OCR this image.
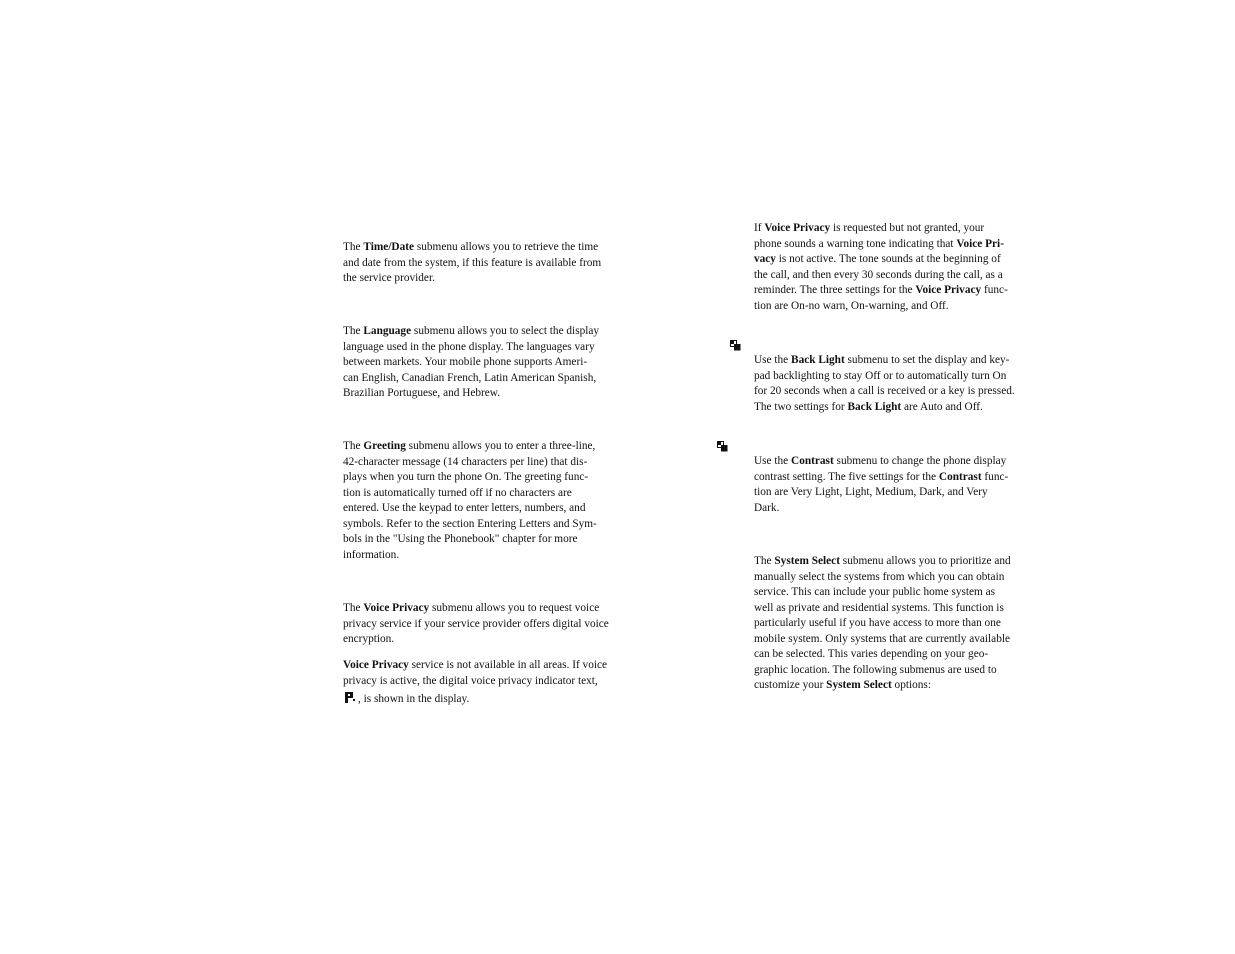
The Time/Date submenu allows you to retrieve the time
and date from the system, if this feature is available from
the service provider.
The Language submenu allows you to select the display
language used in the phone display. The languages vary
between markets. Your mobile phone supports Ameri-
can English, Canadian French, Latin American Spanish,
Brazilian Portuguese, and Hebrew.
The Greeting submenu allows you to enter a three-line,
42-character message (14 characters per line) that dis-
plays when you turn the phone On. The greeting func-
tion is automatically turned off if no characters are
entered. Use the keypad to enter letters, numbers, and
symbols. Refer to the section Entering Letters and Sym-
bols in the "Using the Phonebook" chapter for more
information.
The Voice Privacy submenu allows you to request voice
privacy service if your service provider offers digital voice
encryption.
Voice Privacy service is not available in all areas. If voice
privacy is active, the digital voice privacy indicator text,
, is shown in the display.
If Voice Privacy is requested but not granted, your
phone sounds a warning tone indicating that Voice Pri-
vacy is not active. The tone sounds at the beginning of
the call, and then every 30 seconds during the call, as a
reminder. The three settings for the Voice Privacy func-
tion are On-no warn, On-warning, and Off.
Use the Back Light submenu to set the display and key-
pad backlighting to stay Off or to automatically turn On
for 20 seconds when a call is received or a key is pressed.
The two settings for Back Light are Auto and Off.
Use the Contrast submenu to change the phone display
contrast setting. The five settings for the Contrast func-
tion are Very Light, Light, Medium, Dark, and Very
Dark.
The System Select submenu allows you to prioritize and
manually select the systems from which you can obtain
service. This can include your public home system as
well as private and residential systems. This function is
particularly useful if you have access to more than one
mobile system. Only systems that are currently available
can be selected. This varies depending on your geo-
graphic location. The following submenus are used to
customize your System Select options:
